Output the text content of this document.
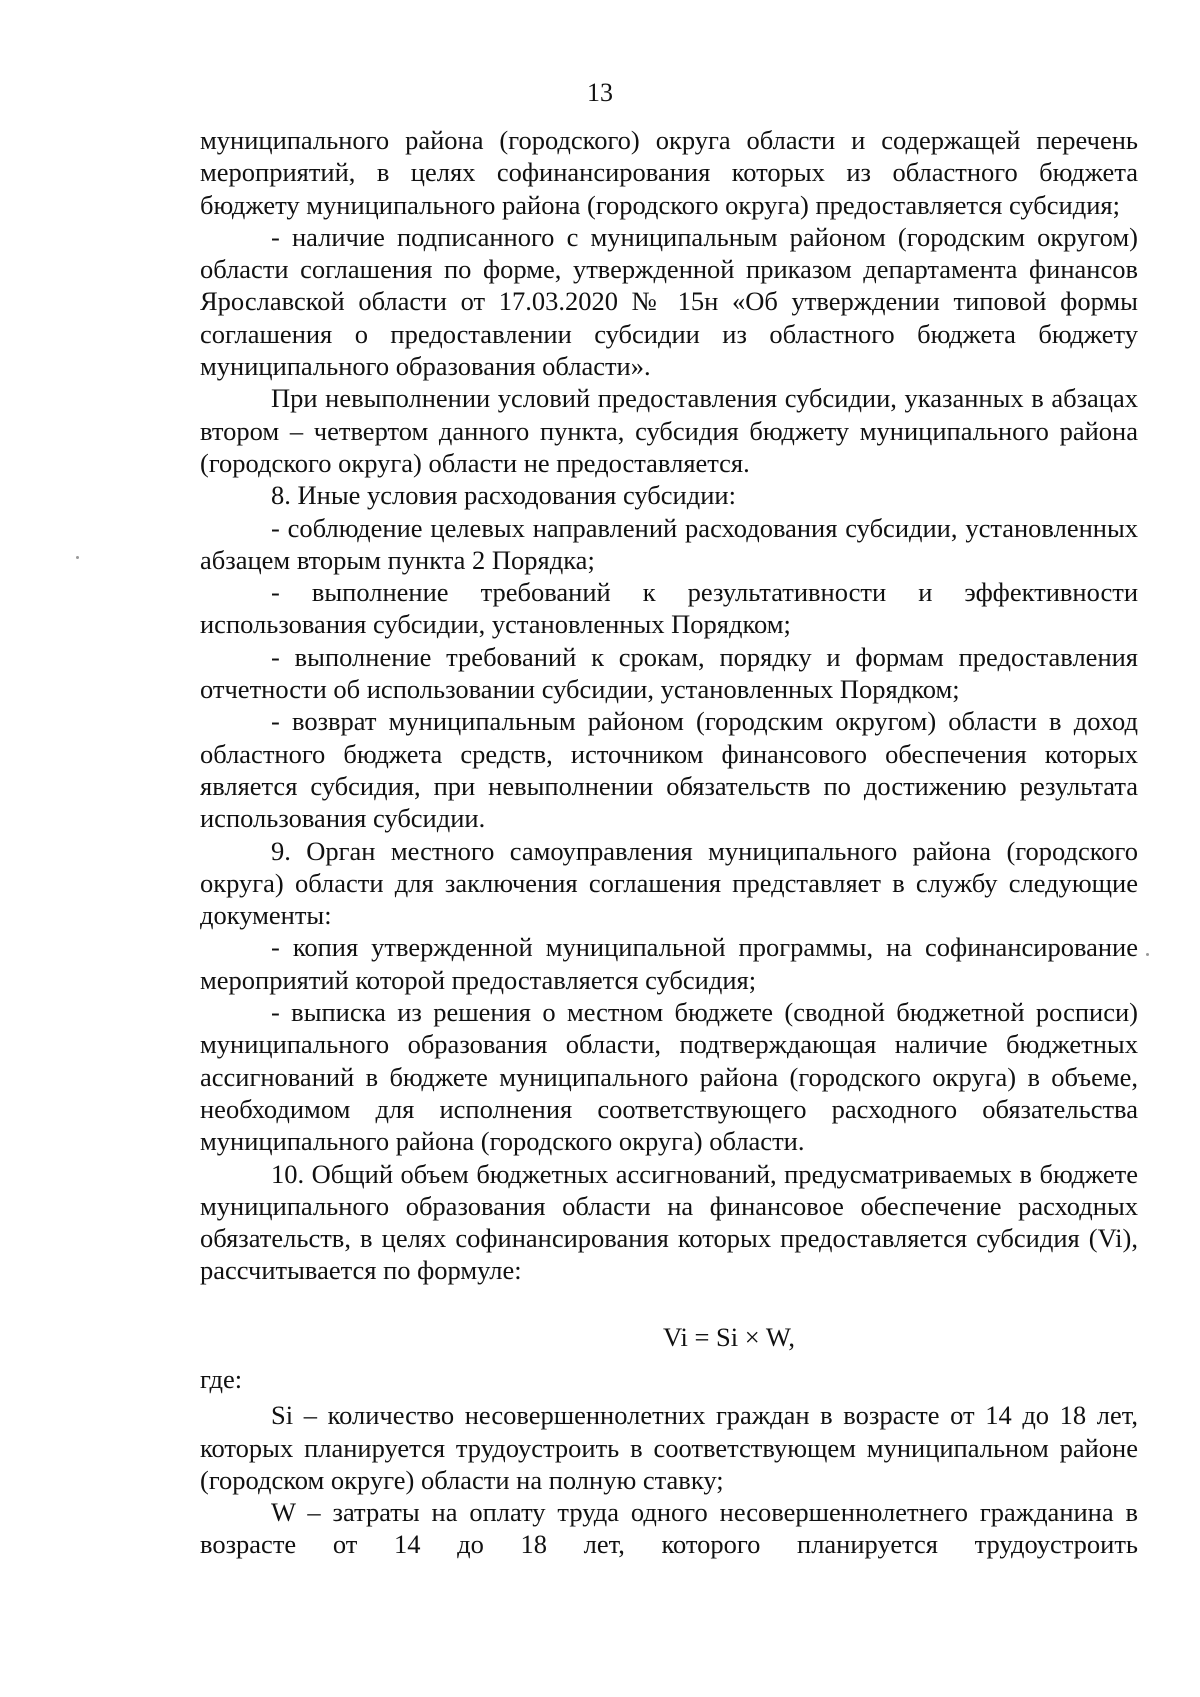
13

муниципального района (городского) округа области и содержащей перечень мероприятий, в целях софинансирования которых из областного бюджета бюджету муниципального района (городского округа) предоставляется субсидия;

- наличие подписанного с муниципальным районом (городским округом) области соглашения по форме, утвержденной приказом департамента финансов Ярославской области от 17.03.2020 № 15н «Об утверждении типовой формы соглашения о предоставлении субсидии из областного бюджета бюджету муниципального образования области».

При невыполнении условий предоставления субсидии, указанных в абзацах втором – четвертом данного пункта, субсидия бюджету муниципального района (городского округа) области не предоставляется.

8. Иные условия расходования субсидии:

- соблюдение целевых направлений расходования субсидии, установленных абзацем вторым пункта 2 Порядка;

- выполнение требований к результативности и эффективности использования субсидии, установленных Порядком;

- выполнение требований к срокам, порядку и формам предоставления отчетности об использовании субсидии, установленных Порядком;

- возврат муниципальным районом (городским округом) области в доход областного бюджета средств, источником финансового обеспечения которых является субсидия, при невыполнении обязательств по достижению результата использования субсидии.

9. Орган местного самоуправления муниципального района (городского округа) области для заключения соглашения представляет в службу следующие документы:

- копия утвержденной муниципальной программы, на софинансирование мероприятий которой предоставляется субсидия;

- выписка из решения о местном бюджете (сводной бюджетной росписи) муниципального образования области, подтверждающая наличие бюджетных ассигнований в бюджете муниципального района (городского округа) в объеме, необходимом для исполнения соответствующего расходного обязательства муниципального района (городского округа) области.

10. Общий объем бюджетных ассигнований, предусматриваемых в бюджете муниципального образования области на финансовое обеспечение расходных обязательств, в целях софинансирования которых предоставляется субсидия (Vi), рассчитывается по формуле:

Vi = Si × W,

где:

Si – количество несовершеннолетних граждан в возрасте от 14 до 18 лет, которых планируется трудоустроить в соответствующем муниципальном районе (городском округе) области на полную ставку;

W – затраты на оплату труда одного несовершеннолетнего гражданина в возрасте от 14 до 18 лет, которого планируется трудоустроить
